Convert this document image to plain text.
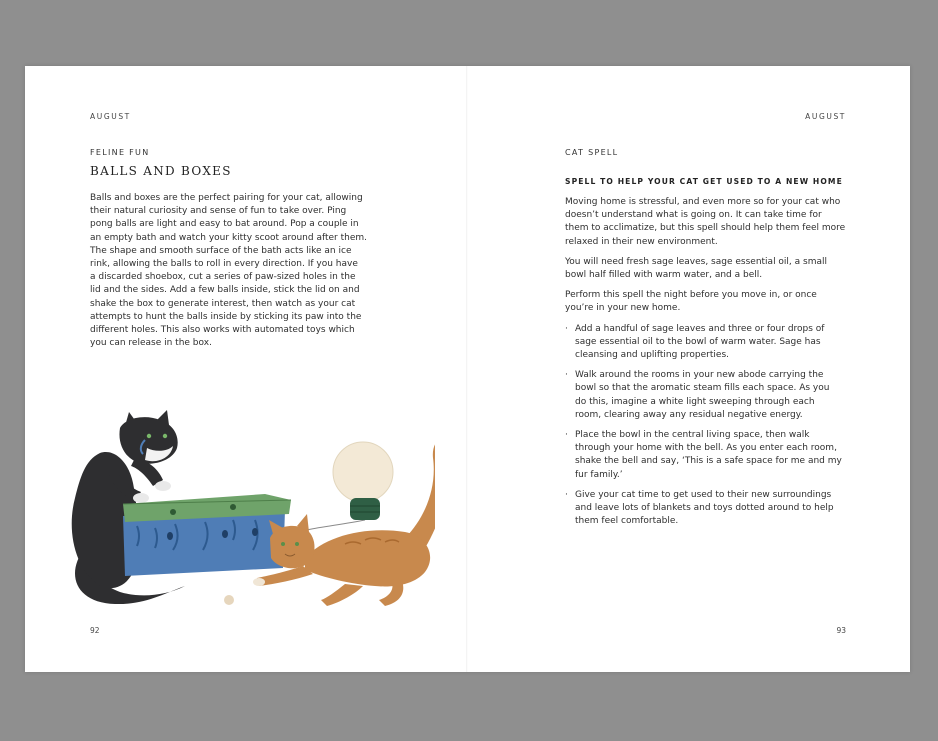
AUGUST
FELINE FUN
BALLS AND BOXES
Balls and boxes are the perfect pairing for your cat, allowing
their natural curiosity and sense of fun to take over. Ping
pong balls are light and easy to bat around. Pop a couple in
an empty bath and watch your kitty scoot around after them.
The shape and smooth surface of the bath acts like an ice
rink, allowing the balls to roll in every direction. If you have
a discarded shoebox, cut a series of paw-sized holes in the
lid and the sides. Add a few balls inside, stick the lid on and
shake the box to generate interest, then watch as your cat
attempts to hunt the balls inside by sticking its paw into the
different holes. This also works with automated toys which
you can release in the box.
92
AUGUST
CAT SPELL
SPELL TO HELP YOUR CAT GET USED TO A NEW HOME

Moving home is stressful, and even more so for your cat who
doesn’t understand what is going on. It can take time for
them to acclimatize, but this spell should help them feel more
relaxed in their new environment.

You will need fresh sage leaves, sage essential oil, a small
bowl half filled with warm water, and a bell.

Perform this spell the night before you move in, or once
you’re in your new home.

· Add a handful of sage leaves and three or four drops of
sage essential oil to the bowl of warm water. Sage has
cleansing and uplifting properties.
· Walk around the rooms in your new abode carrying the
bowl so that the aromatic steam fills each space. As you
do this, imagine a white light sweeping through each
room, clearing away any residual negative energy.
· Place the bowl in the central living space, then walk
through your home with the bell. As you enter each room,
shake the bell and say, ‘This is a safe space for me and my
fur family.’
· Give your cat time to get used to their new surroundings
and leave lots of blankets and toys dotted around to help
them feel comfortable.
93
